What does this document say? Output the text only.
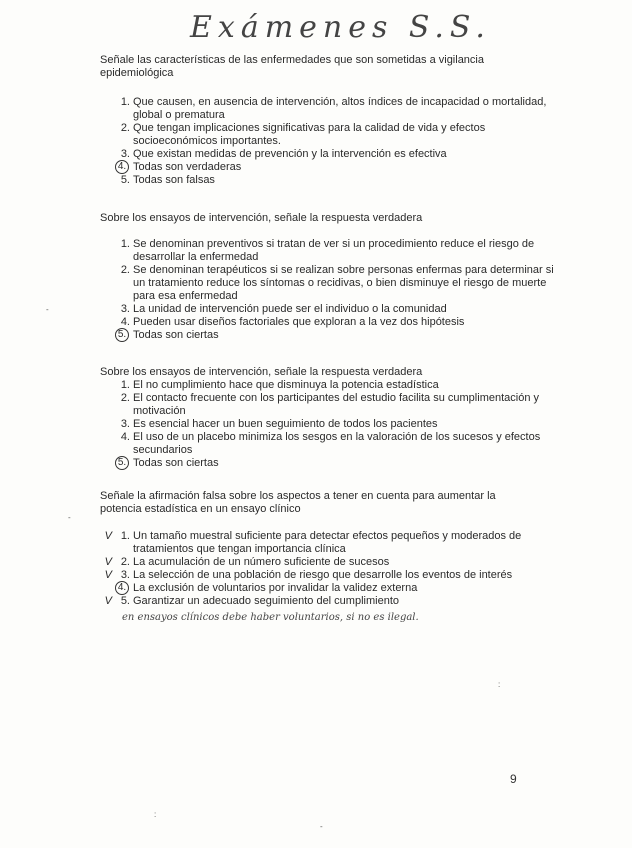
Exámenes S.S.
Señale las características de las enfermedades que son sometidas a vigilancia epidemiológica
1. Que causen, en ausencia de intervención, altos índices de incapacidad o mortalidad, global o prematura
2. Que tengan implicaciones significativas para la calidad de vida y efectos socioeconómicos importantes.
3. Que existan medidas de prevención y la intervención es efectiva
4. Todas son verdaderas
5. Todas son falsas
Sobre los ensayos de intervención, señale la respuesta verdadera
1. Se denominan preventivos si tratan de ver si un procedimiento reduce el riesgo de desarrollar la enfermedad
2. Se denominan terapéuticos si se realizan sobre personas enfermas para determinar si un tratamiento reduce los síntomas o recidivas, o bien disminuye el riesgo de muerte para esa enfermedad
3. La unidad de intervención puede ser el individuo o la comunidad
4. Pueden usar diseños factoriales que exploran a la vez dos hipótesis
5. Todas son ciertas
Sobre los ensayos de intervención, señale la respuesta verdadera
1. El no cumplimiento hace que disminuya la potencia estadística
2. El contacto frecuente con los participantes del estudio facilita su cumplimentación y motivación
3. Es esencial hacer un buen seguimiento de todos los pacientes
4. El uso de un placebo minimiza los sesgos en la valoración de los sucesos y efectos secundarios
5. Todas son ciertas
Señale la afirmación falsa sobre los aspectos a tener en cuenta para aumentar la potencia estadística en un ensayo clínico
V 1. Un tamaño muestral suficiente para detectar efectos pequeños y moderados de tratamientos que tengan importancia clínica
V 2. La acumulación de un número suficiente de sucesos
V 3. La selección de una población de riesgo que desarrolle los eventos de interés
4. La exclusión de voluntarios por invalidar la validez externa
V 5. Garantizar un adecuado seguimiento del cumplimiento
en ensayos clínicos debe haber voluntarios, si no es ilegal.
9
-
-
:
-
:
